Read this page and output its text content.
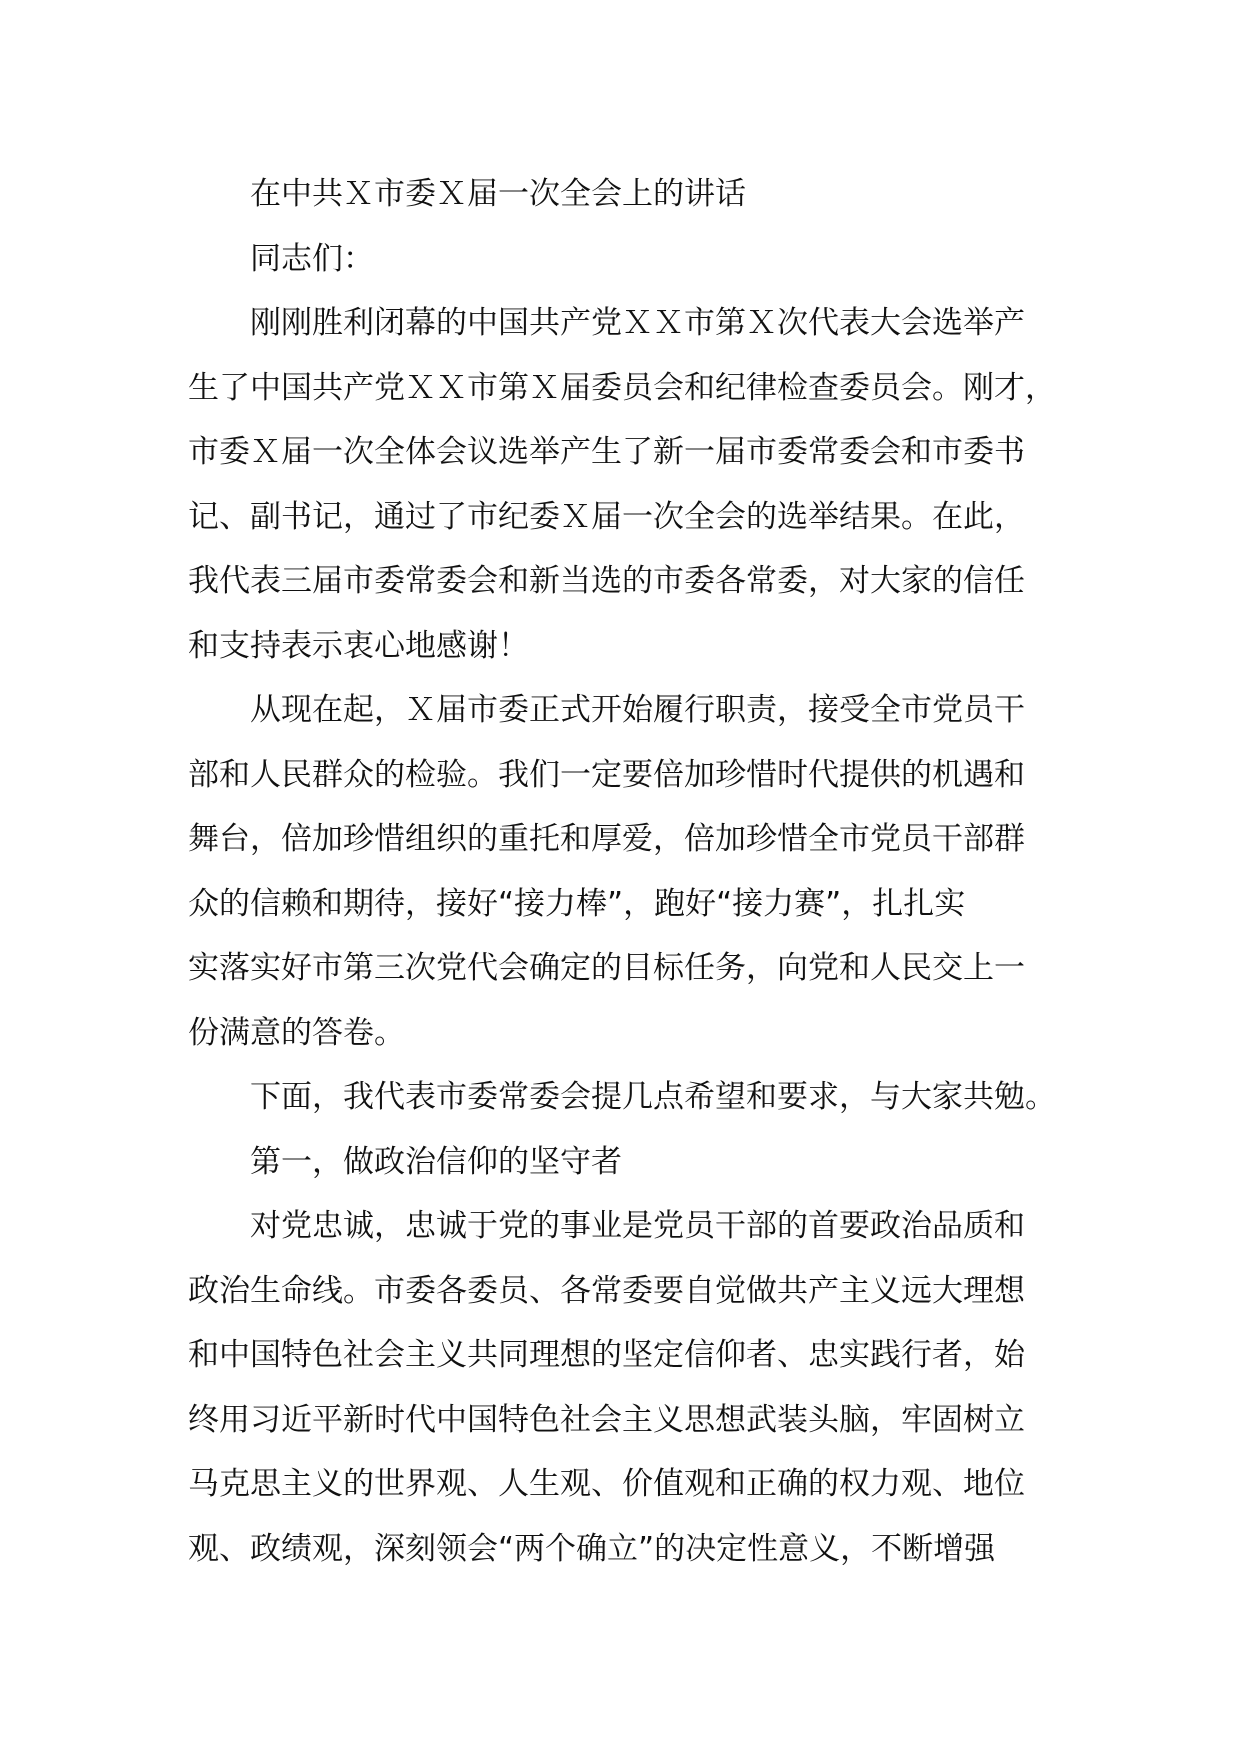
在中共Ｘ市委Ｘ届一次全会上的讲话
同志们：
刚刚胜利闭幕的中国共产党ＸＸ市第Ｘ次代表大会选举产
生了中国共产党ＸＸ市第Ｘ届委员会和纪律检查委员会。刚才，
市委Ｘ届一次全体会议选举产生了新一届市委常委会和市委书
记、副书记，通过了市纪委Ｘ届一次全会的选举结果。在此，
我代表三届市委常委会和新当选的市委各常委，对大家的信任
和支持表示衷心地感谢！
从现在起，Ｘ届市委正式开始履行职责，接受全市党员干
部和人民群众的检验。我们一定要倍加珍惜时代提供的机遇和
舞台，倍加珍惜组织的重托和厚爱，倍加珍惜全市党员干部群
众的信赖和期待，接好“接力棒”，跑好“接力赛”，扎扎实
实落实好市第三次党代会确定的目标任务，向党和人民交上一
份满意的答卷。
下面，我代表市委常委会提几点希望和要求，与大家共勉。
第一，做政治信仰的坚守者
对党忠诚，忠诚于党的事业是党员干部的首要政治品质和
政治生命线。市委各委员、各常委要自觉做共产主义远大理想
和中国特色社会主义共同理想的坚定信仰者、忠实践行者，始
终用习近平新时代中国特色社会主义思想武装头脑，牢固树立
马克思主义的世界观、人生观、价值观和正确的权力观、地位
观、政绩观，深刻领会“两个确立”的决定性意义，不断增强
